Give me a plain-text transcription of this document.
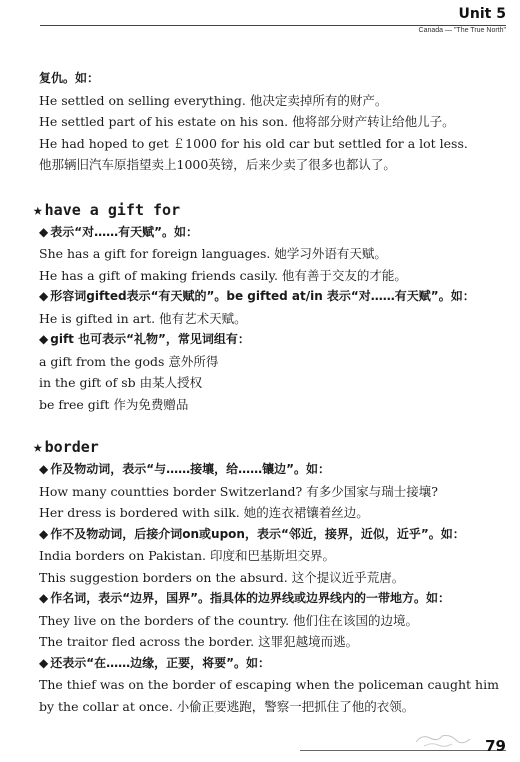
Unit 5
Canada — "The True North"
复仇。如：
He settled on selling everything. 他决定卖掉所有的财产。
He settled part of his estate on his son. 他将部分财产转让给他儿子。
He had hoped to get ￡1000 for his old car but settled for a lot less.
他那辆旧汽车原指望卖上1000英镑，后来少卖了很多也都认了。
★ have a gift for
◆ 表示“对……有天赋”。如：
She has a gift for foreign languages. 她学习外语有天赋。
He has a gift of making friends casily. 他有善于交友的才能。
◆ 形容词gifted表示“有天赋的”。be gifted at/in 表示“对……有天赋”。如：
He is gifted in art. 他有艺术天赋。
◆ gift 也可表示“礼物”，常见词组有：
a gift from the gods 意外所得
in the gift of sb 由某人授权
be free gift 作为免费赠品
★ border
◆ 作及物动词，表示“与……接壤，给……镶边”。如：
How many countties border Switzerland? 有多少国家与瑞士接壤?
Her dress is bordered with silk. 她的连衣裙镶着丝边。
◆ 作不及物动词，后接介词on或upon，表示“邻近，接界，近似，近乎”。如：
India borders on Pakistan. 印度和巴基斯坦交界。
This suggestion borders on the absurd. 这个提议近乎荒唐。
◆ 作名词，表示“边界，国界”。指具体的边界线或边界线内的一带地方。如：
They live on the borders of the country. 他们住在该国的边境。
The traitor fled across the border. 这罪犯越境而逃。
◆ 还表示“在……边缘，正要，将要”。如：
The thief was on the border of escaping when the policeman caught him by the collar at once. 小偷正要逃跑，警察一把抓住了他的衣领。
79
